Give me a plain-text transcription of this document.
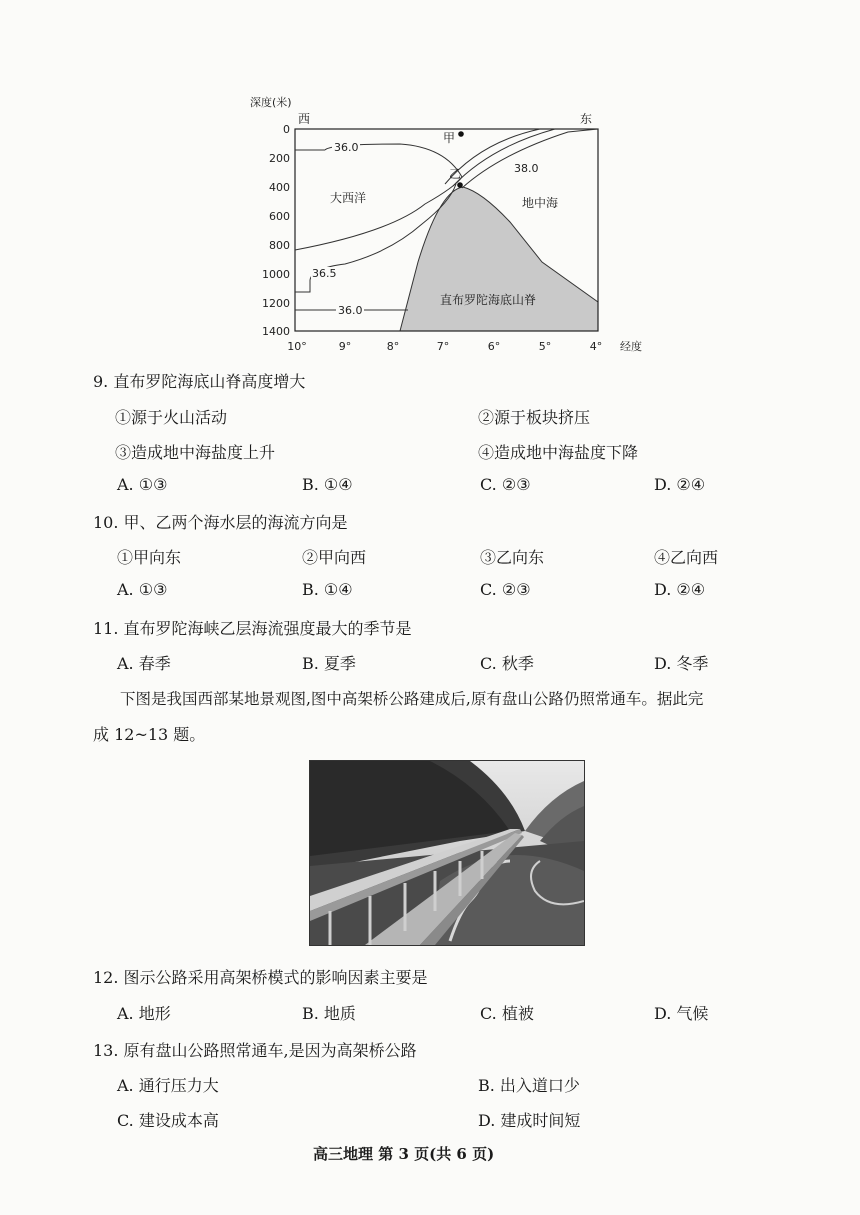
深度(米)
西	东
0
200
400
600
800
1000
1200
1400
10°	9°	8°	7°	6°	5°	4° 经度
甲
乙
大西洋	地中海
直布罗陀海底山脊
36.0
38.0
36.5
36.0
9. 直布罗陀海底山脊高度增大
①源于火山活动	②源于板块挤压
③造成地中海盐度上升	④造成地中海盐度下降
A. ①③	B. ①④	C. ②③	D. ②④
10. 甲、乙两个海水层的海流方向是
①甲向东	②甲向西	③乙向东	④乙向西
A. ①③	B. ①④	C. ②③	D. ②④
11. 直布罗陀海峡乙层海流强度最大的季节是
A. 春季	B. 夏季	C. 秋季	D. 冬季
下图是我国西部某地景观图,图中高架桥公路建成后,原有盘山公路仍照常通车。据此完
成 12~13 题。
12. 图示公路采用高架桥模式的影响因素主要是
A. 地形	B. 地质	C. 植被	D. 气候
13. 原有盘山公路照常通车,是因为高架桥公路
A. 通行压力大	B. 出入道口少
C. 建设成本高	D. 建成时间短
高三地理 第 3 页(共 6 页)
